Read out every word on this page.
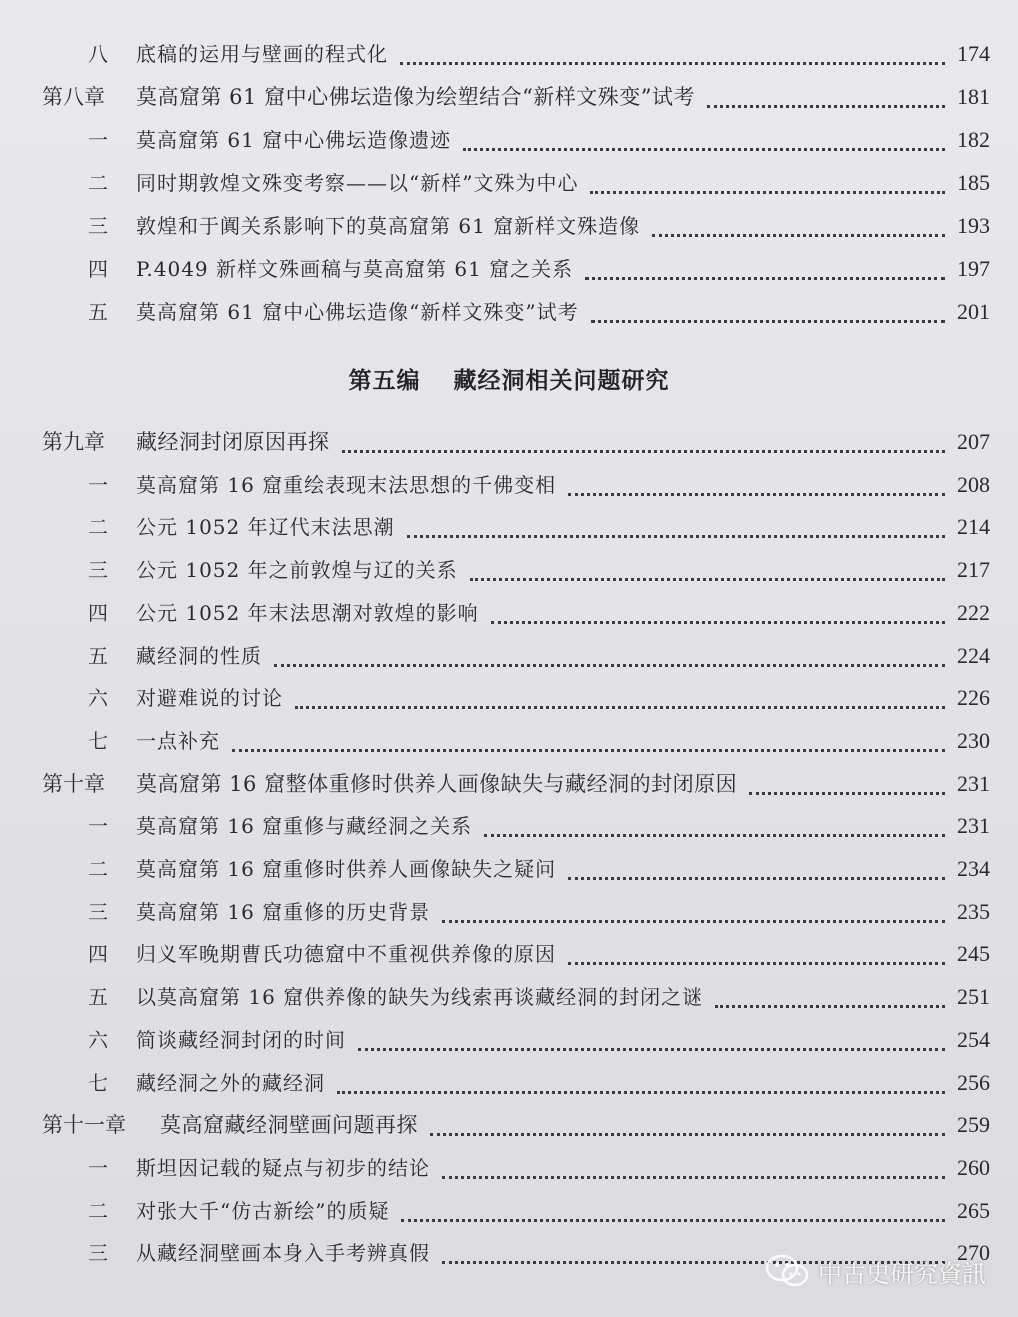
八 底稿的运用与壁画的程式化	174
第八章 莫高窟第 61 窟中心佛坛造像为绘塑结合“新样文殊变”试考	181
一 莫高窟第 61 窟中心佛坛造像遗迹	182
二 同时期敦煌文殊变考察——以“新样”文殊为中心	185
三 敦煌和于阗关系影响下的莫高窟第 61 窟新样文殊造像	193
四 P.4049 新样文殊画稿与莫高窟第 61 窟之关系	197
五 莫高窟第 61 窟中心佛坛造像“新样文殊变”试考	201
第五编 藏经洞相关问题研究
第九章 藏经洞封闭原因再探	207
一 莫高窟第 16 窟重绘表现末法思想的千佛变相	208
二 公元 1052 年辽代末法思潮	214
三 公元 1052 年之前敦煌与辽的关系	217
四 公元 1052 年末法思潮对敦煌的影响	222
五 藏经洞的性质	224
六 对避难说的讨论	226
七 一点补充	230
第十章 莫高窟第 16 窟整体重修时供养人画像缺失与藏经洞的封闭原因	231
一 莫高窟第 16 窟重修与藏经洞之关系	231
二 莫高窟第 16 窟重修时供养人画像缺失之疑问	234
三 莫高窟第 16 窟重修的历史背景	235
四 归义军晚期曹氏功德窟中不重视供养像的原因	245
五 以莫高窟第 16 窟供养像的缺失为线索再谈藏经洞的封闭之谜	251
六 简谈藏经洞封闭的时间	254
七 藏经洞之外的藏经洞	256
第十一章 莫高窟藏经洞壁画问题再探	259
一 斯坦因记载的疑点与初步的结论	260
二 对张大千“仿古新绘”的质疑	265
三 从藏经洞壁画本身入手考辨真假	270
中古史研究資訊
